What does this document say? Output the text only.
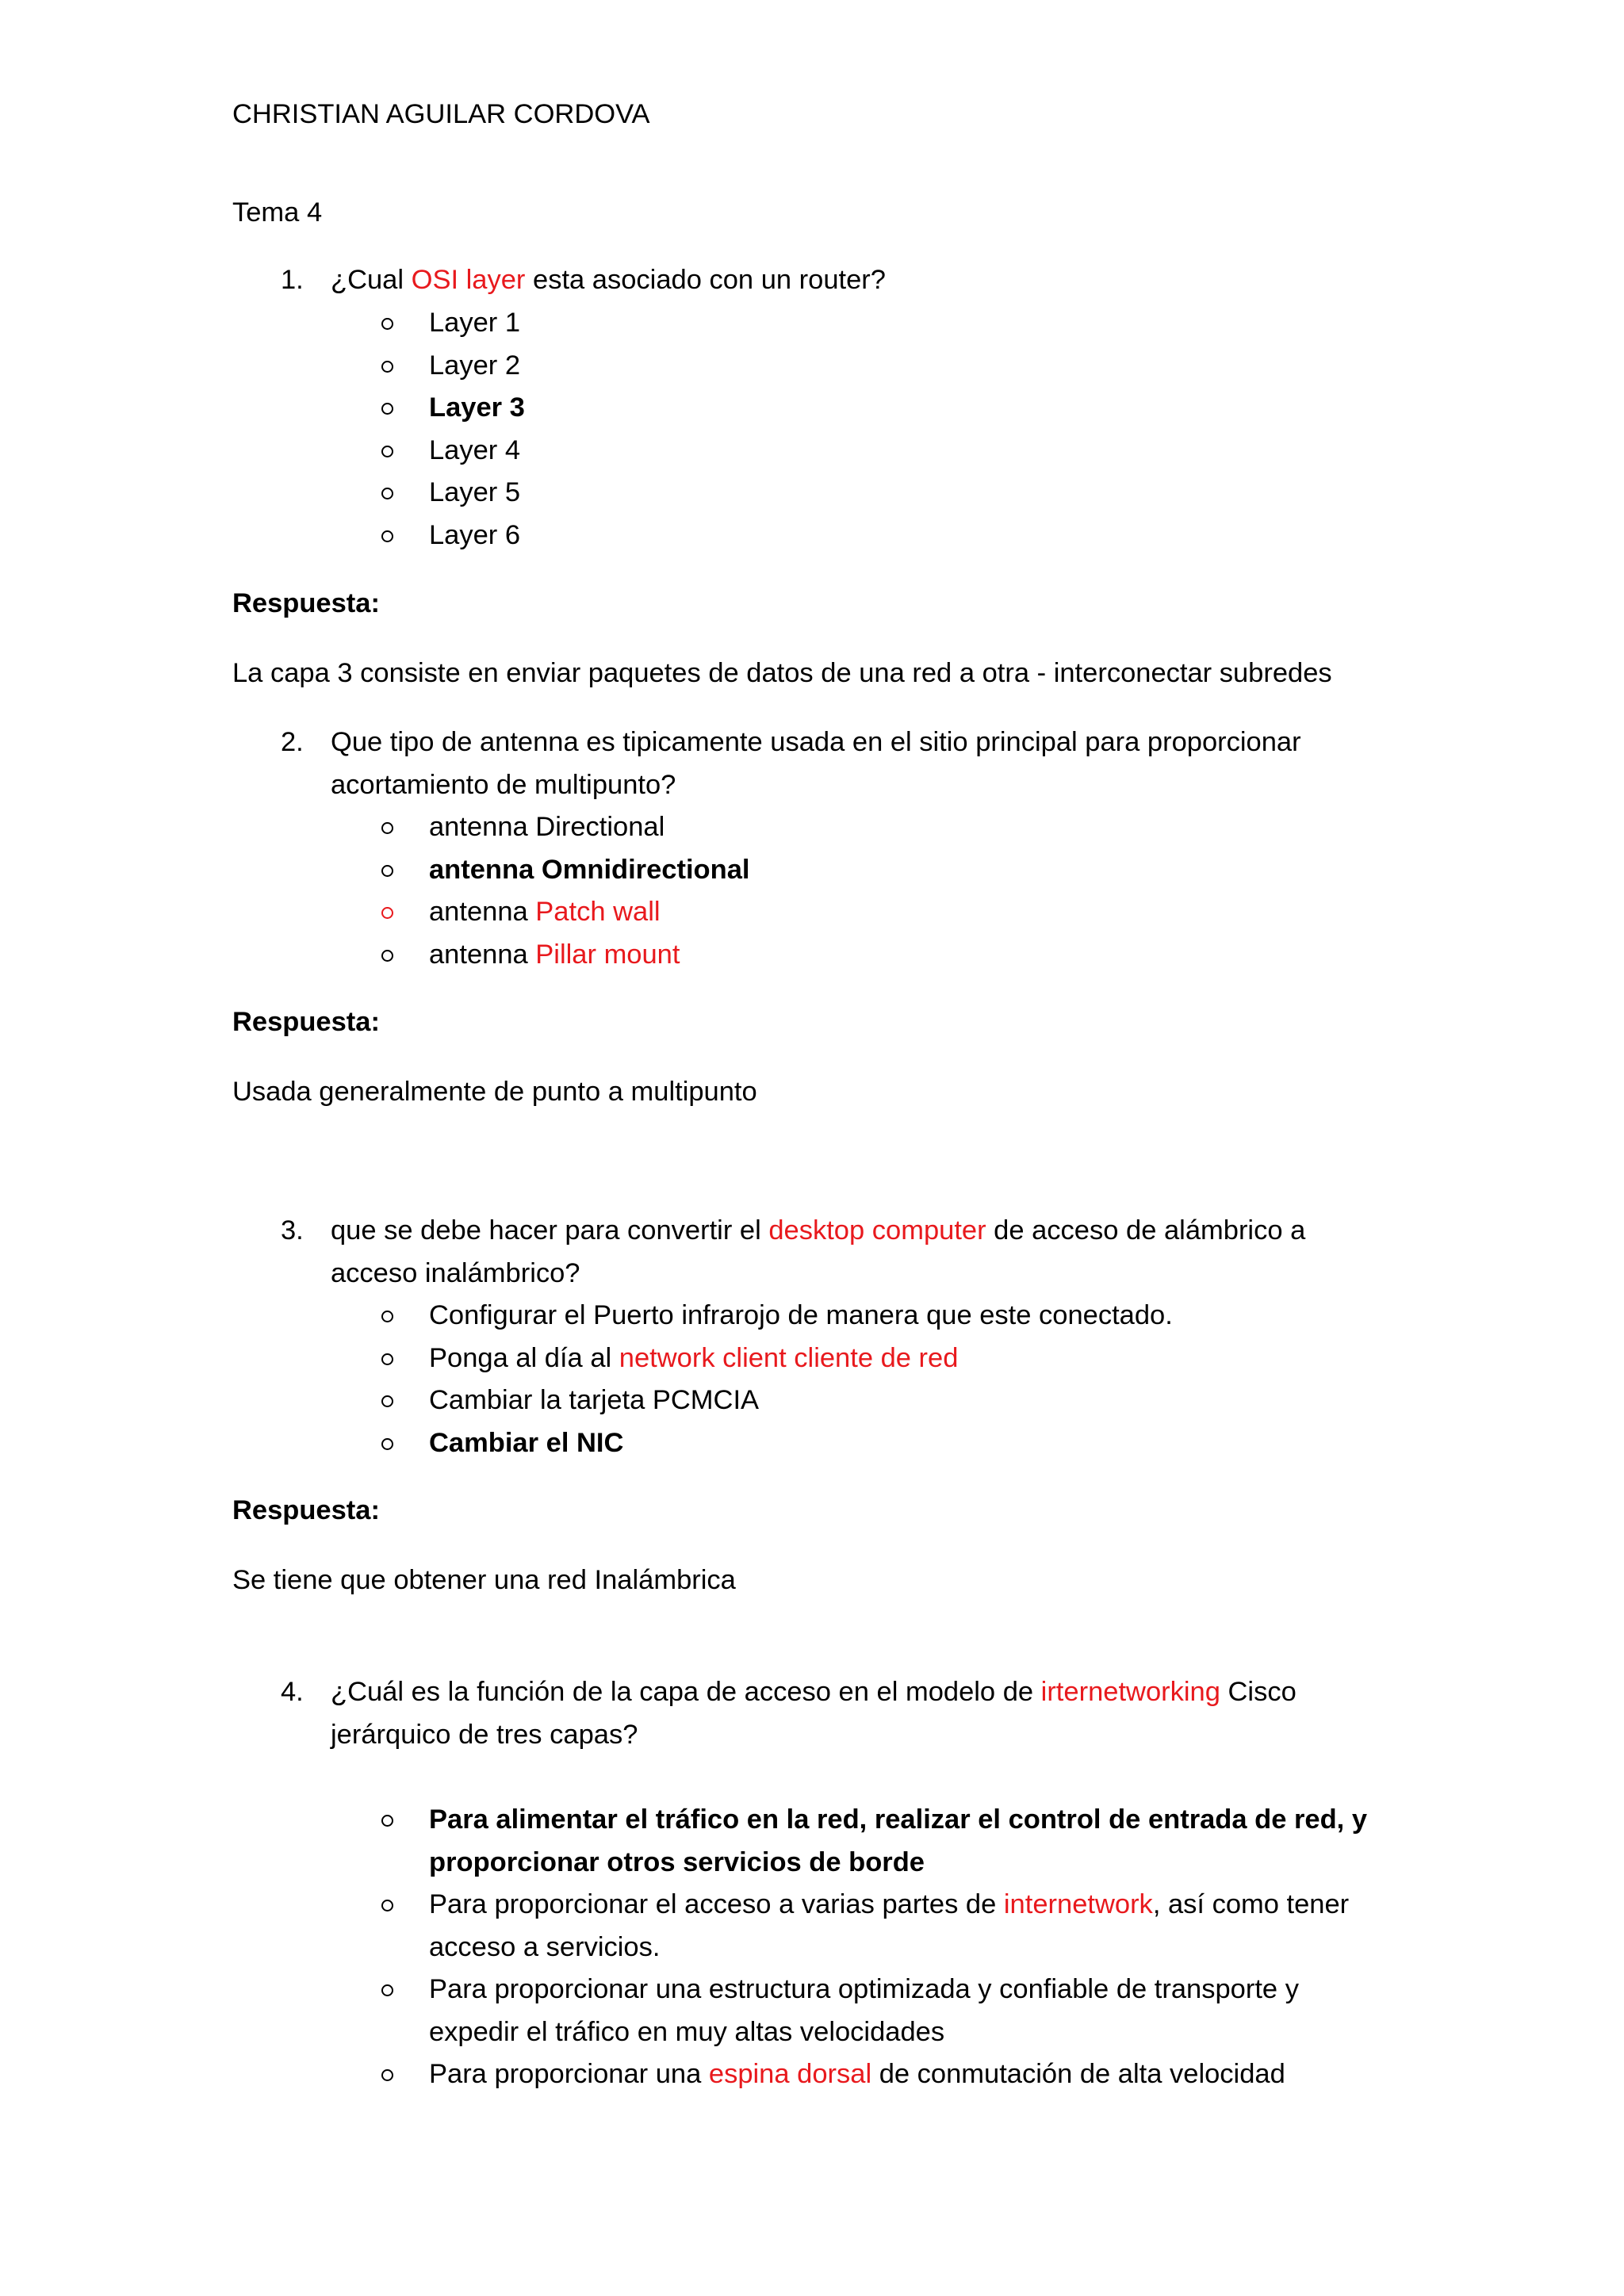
CHRISTIAN AGUILAR CORDOVA
Tema 4
1. ¿Cual OSI layer esta asociado con un router?
Layer 1
Layer 2
Layer 3
Layer 4
Layer 5
Layer 6
Respuesta:
La capa 3 consiste en enviar paquetes de datos de una red a otra - interconectar subredes
2. Que tipo de antenna es tipicamente usada en el sitio principal para proporcionar
acortamiento de multipunto?
antenna Directional
antenna Omnidirectional
antenna Patch wall
antenna Pillar mount
Respuesta:
Usada generalmente de punto a multipunto
3. que se debe hacer para convertir el desktop computer de acceso de alámbrico a
acceso inalámbrico?
Configurar el Puerto infrarojo de manera que este conectado.
Ponga al día al network client cliente de red
Cambiar la tarjeta PCMCIA
Cambiar el NIC
Respuesta:
Se tiene que obtener una red Inalámbrica
4. ¿Cuál es la función de la capa de acceso en el modelo de irternetworking Cisco
jerárquico de tres capas?
Para alimentar el tráfico en la red, realizar el control de entrada de red, y
proporcionar otros servicios de borde
Para proporcionar el acceso a varias partes de internetwork, así como tener
acceso a servicios.
Para proporcionar una estructura optimizada y confiable de transporte y
expedir el tráfico en muy altas velocidades
Para proporcionar una espina dorsal de conmutación de alta velocidad
